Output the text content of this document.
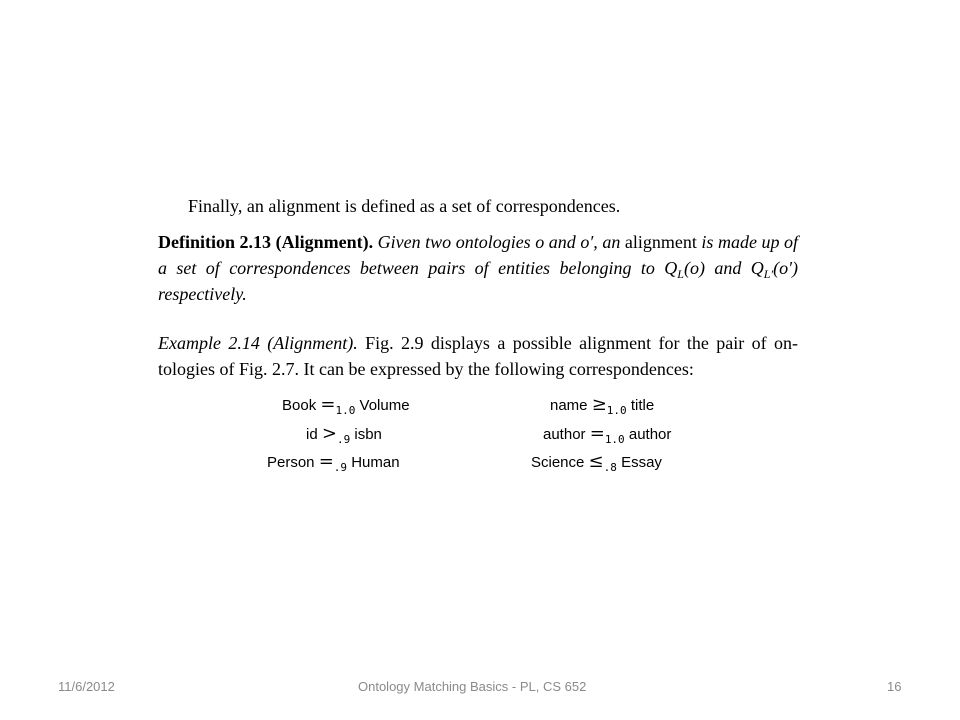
Finally, an alignment is defined as a set of correspondences.
Definition 2.13 (Alignment). Given two ontologies o and o′, an alignment is made up of a set of correspondences between pairs of entities belonging to $Q_L(o)$ and $Q_{L'}(o')$ respectively.
Example 2.14 (Alignment). Fig. 2.9 displays a possible alignment for the pair of on-tologies of Fig. 2.7. It can be expressed by the following correspondences:
Book $=_{1.0}$ Volume	name $\ge_{1.0}$ title
id $>_{.9}$ isbn	author $=_{1.0}$ author
Person $=_{.9}$ Human	Science $\le_{.8}$ Essay
11/6/2012	Ontology Matching Basics - PL, CS 652	16
